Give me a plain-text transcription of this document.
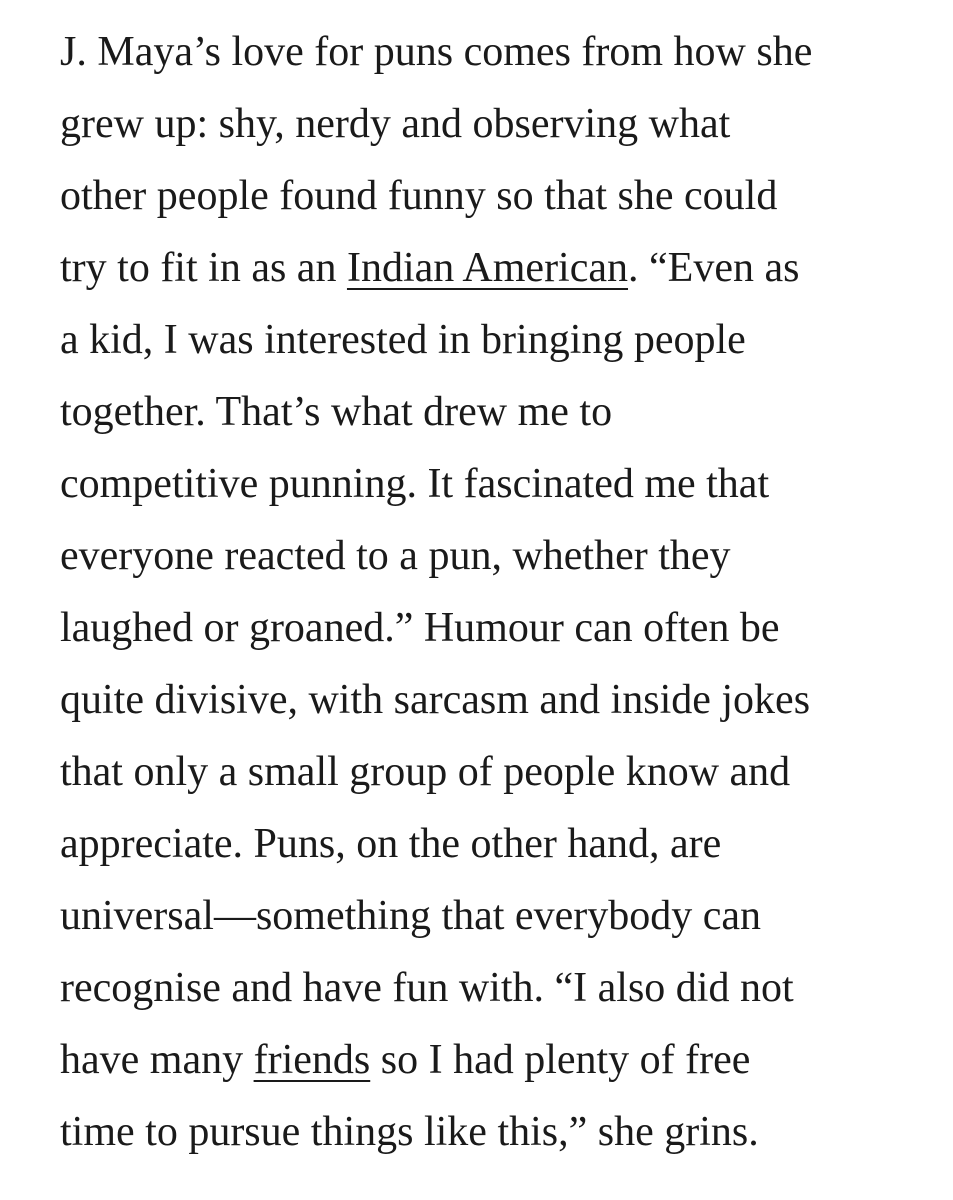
J. Maya’s love for puns comes from how she
grew up: shy, nerdy and observing what
other people found funny so that she could
try to fit in as an Indian American. “Even as
a kid, I was interested in bringing people
together. That’s what drew me to
competitive punning. It fascinated me that
everyone reacted to a pun, whether they
laughed or groaned.” Humour can often be
quite divisive, with sarcasm and inside jokes
that only a small group of people know and
appreciate. Puns, on the other hand, are
universal—something that everybody can
recognise and have fun with. “I also did not
have many friends so I had plenty of free
time to pursue things like this,” she grins.
